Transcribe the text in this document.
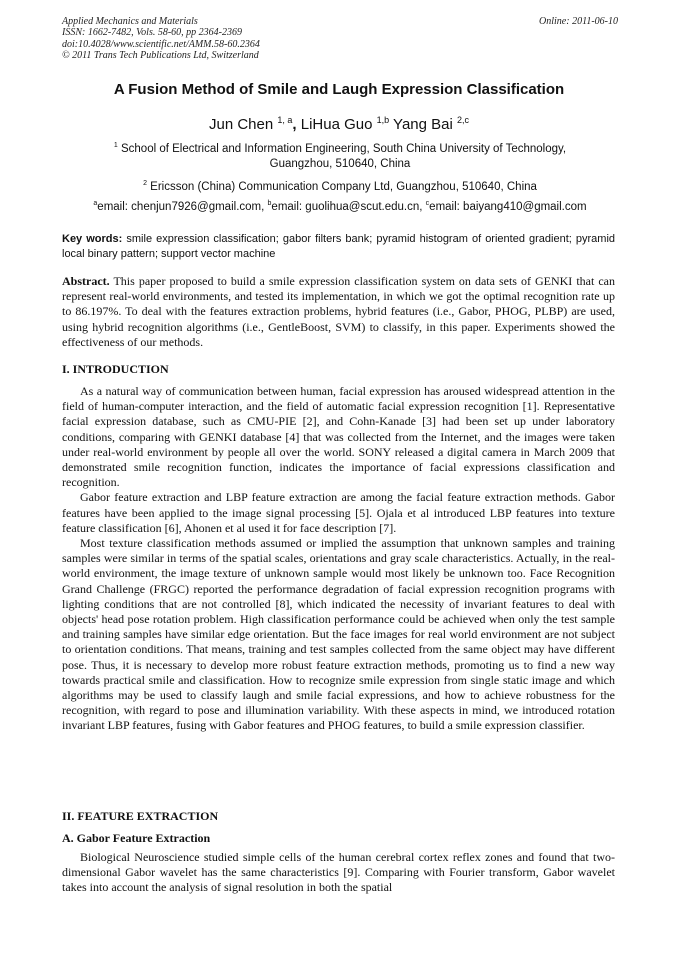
Applied Mechanics and Materials
ISSN: 1662-7482, Vols. 58-60, pp 2364-2369
doi:10.4028/www.scientific.net/AMM.58-60.2364
© 2011 Trans Tech Publications Ltd, Switzerland
Online: 2011-06-10
A Fusion Method of Smile and Laugh Expression Classification
Jun Chen $^{1, a}$, LiHua Guo $^{1,b}$ Yang Bai $^{2,c}$
$^1$ School of Electrical and Information Engineering, South China University of Technology,
Guangzhou, 510640, China
$^2$ Ericsson (China) Communication Company Ltd, Guangzhou, 510640, China
$^a$email: chenjun7926@gmail.com, $^b$email: guolihua@scut.edu.cn, $^c$email: baiyang410@gmail.com
Key words: smile expression classification; gabor filters bank; pyramid histogram of oriented gradient; pyramid local binary pattern; support vector machine

Abstract. This paper proposed to build a smile expression classification system on data sets of GENKI that can represent real-world environments, and tested its implementation, in which we got the optimal recognition rate up to 86.197%. To deal with the features extraction problems, hybrid features (i.e., Gabor, PHOG, PLBP) are used, using hybrid recognition algorithms (i.e., GentleBoost, SVM) to classify, in this paper. Experiments showed the effectiveness of our methods.

I. INTRODUCTION

As a natural way of communication between human, facial expression has aroused widespread attention in the field of human-computer interaction, and the field of automatic facial expression recognition [1]. Representative facial expression database, such as CMU-PIE [2], and Cohn-Kanade [3] had been set up under laboratory conditions, comparing with GENKI database [4] that was collected from the Internet, and the images were taken under real-world environment by people all over the world. SONY released a digital camera in March 2009 that demonstrated smile recognition function, indicates the importance of facial expressions classification and recognition.

Gabor feature extraction and LBP feature extraction are among the facial feature extraction methods. Gabor features have been applied to the image signal processing [5]. Ojala et al introduced LBP features into texture feature classification [6], Ahonen et al used it for face description [7].

Most texture classification methods assumed or implied the assumption that unknown samples and training samples were similar in terms of the spatial scales, orientations and gray scale characteristics. Actually, in the real-world environment, the image texture of unknown sample would most likely be unknown too. Face Recognition Grand Challenge (FRGC) reported the performance degradation of facial expression recognition programs with lighting conditions that are not controlled [8], which indicated the necessity of invariant features to deal with objects' head pose rotation problem. High classification performance could be achieved when only the test sample and training samples have similar edge orientation. But the face images for real world environment are not subject to orientation conditions. That means, training and test samples collected from the same object may have different pose. Thus, it is necessary to develop more robust feature extraction methods, promoting us to find a new way towards practical smile and classification. How to recognize smile expression from single static image and which algorithms may be used to classify laugh and smile facial expressions, and how to achieve robustness for the recognition, with regard to pose and illumination variability. With these aspects in mind, we introduced rotation invariant LBP features, fusing with Gabor features and PHOG features, to build a smile expression classifier.

II. FEATURE EXTRACTION
A. Gabor Feature Extraction

Biological Neuroscience studied simple cells of the human cerebral cortex reflex zones and found that two-dimensional Gabor wavelet has the same characteristics [9]. Comparing with Fourier transform, Gabor wavelet takes into account the analysis of signal resolution in both the spatial
